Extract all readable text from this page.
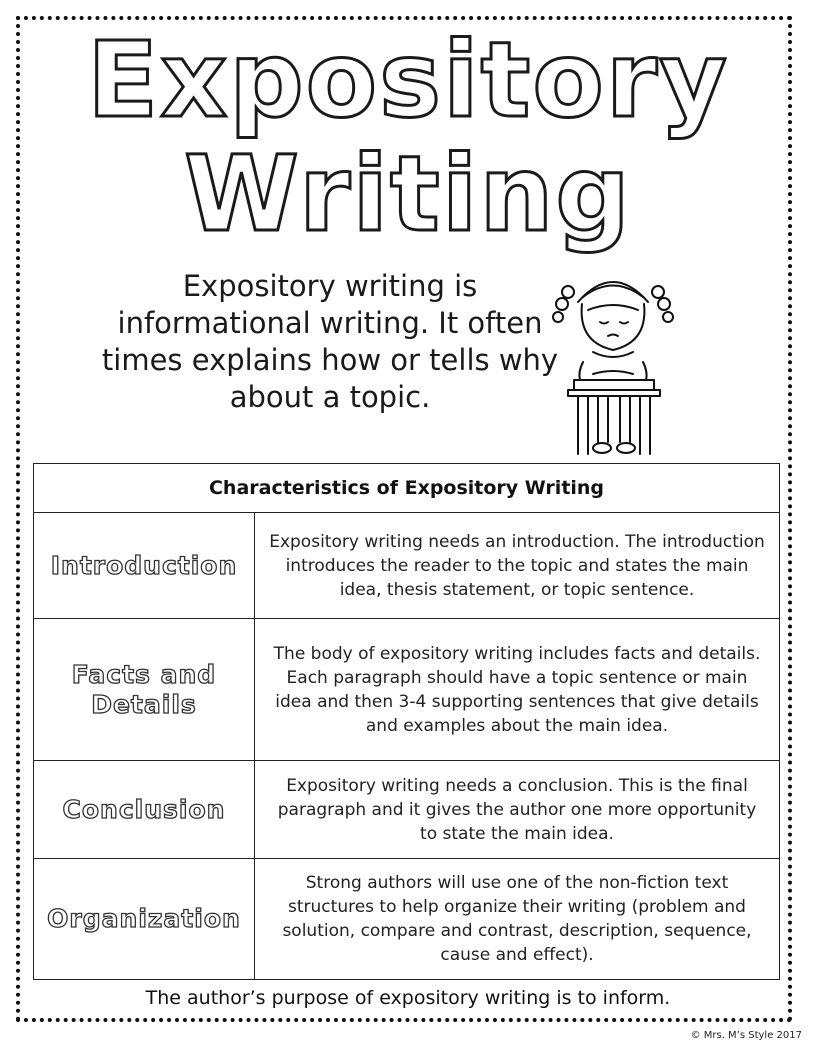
Expository
Writing
Expository writing is informational writing. It often times explains how or tells why about a topic.
Characteristics of Expository Writing	
Introduction	Expository writing needs an introduction. The introduction introduces the reader to the topic and states the main idea, thesis statement, or topic sentence.
Facts and Details	The body of expository writing includes facts and details. Each paragraph should have a topic sentence or main idea and then 3-4 supporting sentences that give details and examples about the main idea.
Conclusion	Expository writing needs a conclusion. This is the final paragraph and it gives the author one more opportunity to state the main idea.
Organization	Strong authors will use one of the non-fiction text structures to help organize their writing (problem and solution, compare and contrast, description, sequence, cause and effect).
The author’s purpose of expository writing is to inform.
© Mrs. M’s Style 2017
